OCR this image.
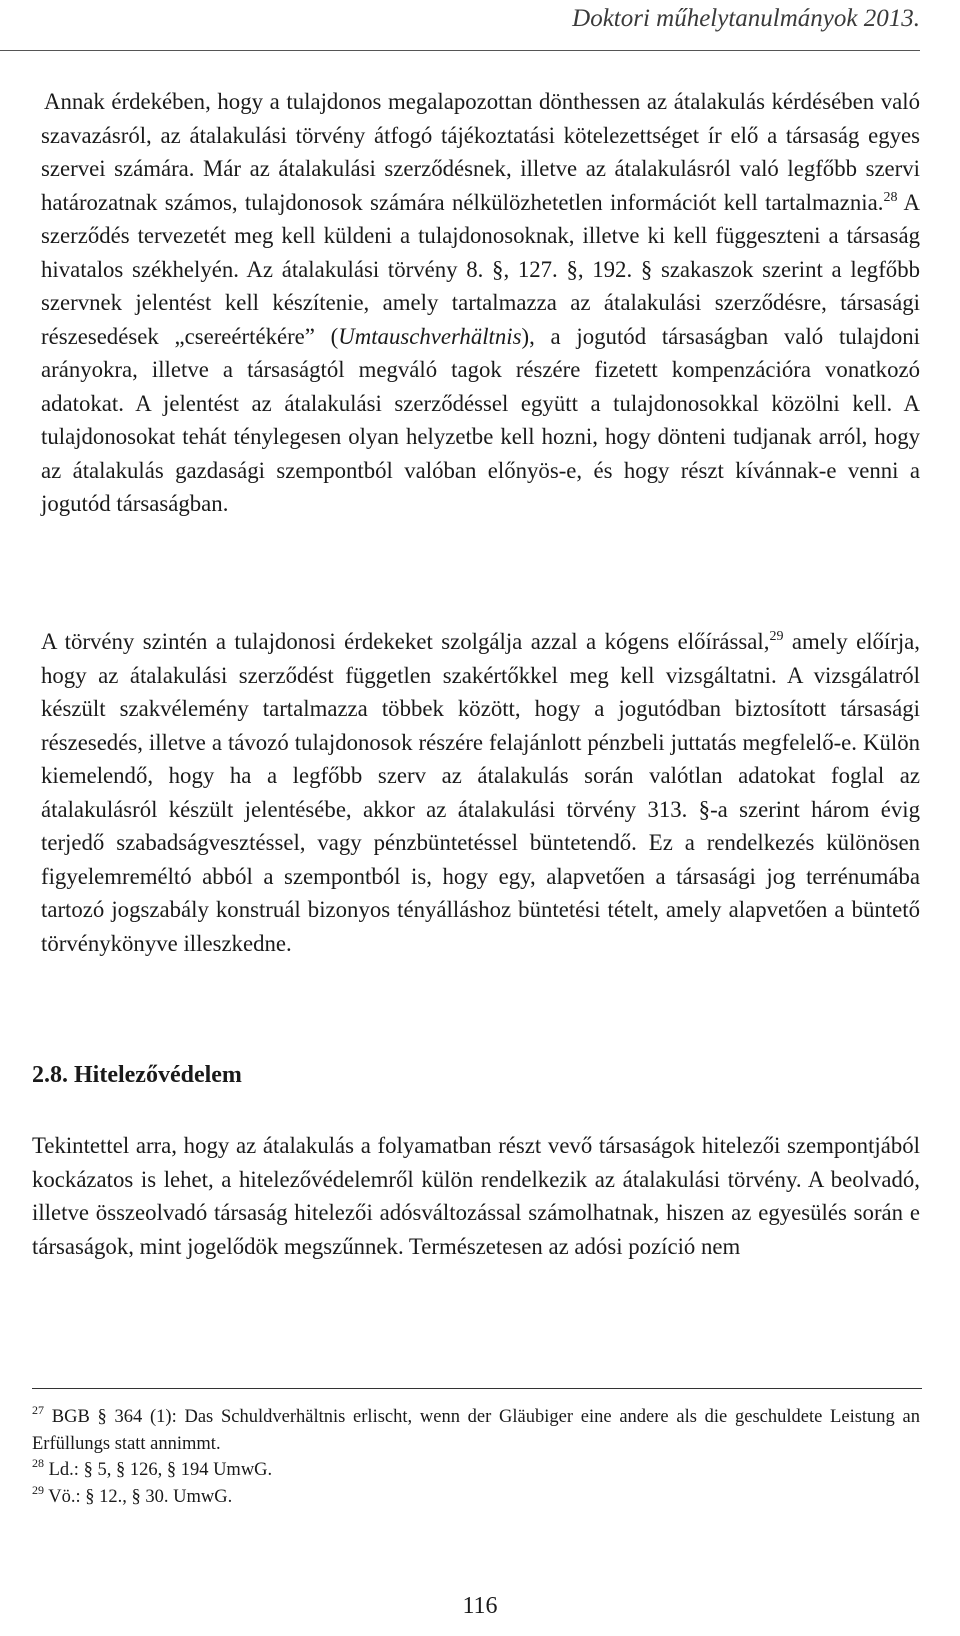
Doktori műhelytanulmányok 2013.

Annak érdekében, hogy a tulajdonos megalapozottan dönthessen az átalakulás kérdésében való szavazásról, az átalakulási törvény átfogó tájékoztatási kötelezettséget ír elő a társaság egyes szervei számára. Már az átalakulási szerződésnek, illetve az átalakulásról való legfőbb szervi határozatnak számos, tulajdonosok számára nélkülözhetetlen információt kell tartalmaznia.$^{28}$ A szerződés tervezetét meg kell küldeni a tulajdonosoknak, illetve ki kell függeszteni a társaság hivatalos székhelyén. Az átalakulási törvény 8. §, 127. §, 192. § szakaszok szerint a legfőbb szervnek jelentést kell készítenie, amely tartalmazza az átalakulási szerződésre, társasági részesedések „csereértékére” (Umtauschverhältnis), a jogutód társaságban való tulajdoni arányokra, illetve a társaságtól megváló tagok részére fizetett kompenzációra vonatkozó adatokat. A jelentést az átalakulási szerződéssel együtt a tulajdonosokkal közölni kell. A tulajdonosokat tehát ténylegesen olyan helyzetbe kell hozni, hogy dönteni tudjanak arról, hogy az átalakulás gazdasági szempontból valóban előnyös-e, és hogy részt kívánnak-e venni a jogutód társaságban.

A törvény szintén a tulajdonosi érdekeket szolgálja azzal a kógens előírással,$^{29}$ amely előírja, hogy az átalakulási szerződést független szakértőkkel meg kell vizsgáltatni. A vizsgálatról készült szakvélemény tartalmazza többek között, hogy a jogutódban biztosított társasági részesedés, illetve a távozó tulajdonosok részére felajánlott pénzbeli juttatás megfelelő-e. Külön kiemelendő, hogy ha a legfőbb szerv az átalakulás során valótlan adatokat foglal az átalakulásról készült jelentésébe, akkor az átalakulási törvény 313. §-a szerint három évig terjedő szabadságvesztéssel, vagy pénzbüntetéssel büntetendő. Ez a rendelkezés különösen figyelemreméltó abból a szempontból is, hogy egy, alapvetően a társasági jog terrénumába tartozó jogszabály konstruál bizonyos tényálláshoz büntetési tételt, amely alapvetően a büntető törvénykönyve illeszkedne.

2.8. Hitelezővédelem

Tekintettel arra, hogy az átalakulás a folyamatban részt vevő társaságok hitelezői szempontjából kockázatos is lehet, a hitelezővédelemről külön rendelkezik az átalakulási törvény. A beolvadó, illetve összeolvadó társaság hitelezői adósváltozással számolhatnak, hiszen az egyesülés során e társaságok, mint jogelődök megszűnnek. Természetesen az adósi pozíció nem

$^{27}$ BGB § 364 (1): Das Schuldverhältnis erlischt, wenn der Gläubiger eine andere als die geschuldete Leistung an Erfüllungs statt annimmt.

$^{28}$ Ld.: § 5, § 126, § 194 UmwG.

$^{29}$ Vö.: § 12., § 30. UmwG.

116
